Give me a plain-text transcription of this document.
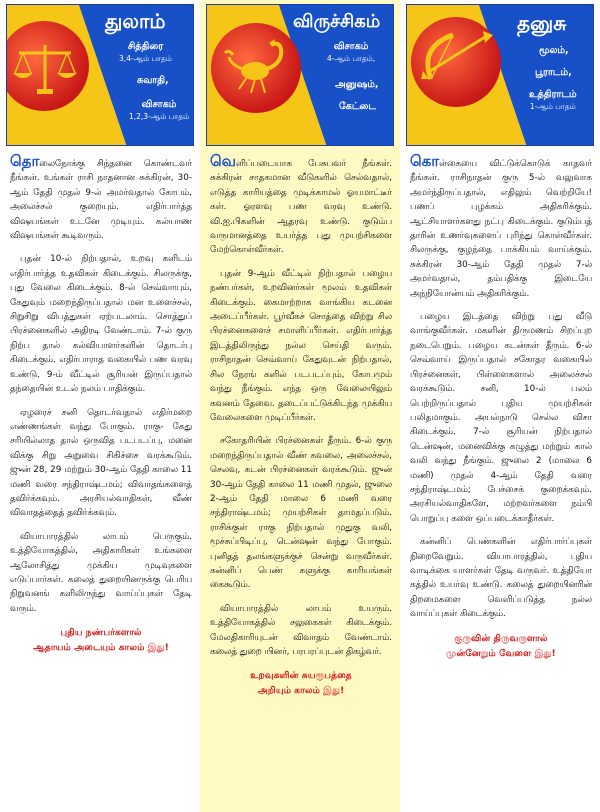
துலாம்
சித்திரை
3,4-ஆம் பாதம்
சுவாதி,
விசாகம்
1,2,3-ஆம் பாதம்

தொலைநோக்கு சிந்தனை கொண்டவர் நீங்கள். உங்கள் ராசி நாதனான சுக்கிரன், 30-ஆம் தேதி முதல் 9-ல் அமர்வதால் கோபம், அலைச்சல் குறையும். எதிர்பார்த்த விஷயங்கள் உடனே முடியும். கல்யாண விஷயங்கள் கூடிவரும்.

புதன் 10-ல் நிற்பதால், உறவு களிடம் எதிர்பார்த்த உதவிகள் கிடைக்கும். சிலருக்கு, புது வேலை கிடைக்கும். 8-ல் செவ்வாயும், கேதுவும் மறைந்திருப்பதால் மன உளைச்சல், சிறுசிறு விபத்துகள் ஏற்படலாம். சொத்துப் பிரச்னைகளில் அதிரடி வேண்டாம். 7-ல் குரு நிற்ப தால் கல்வியாளர்களின் தொடர்பு கிடைக்கும். எதிர்பாராத வகையில் பண வரவு உண்டு. 9-ம் வீட்டில் சூரியன் இருப்பதால் தந்தையின் உடல் நலம் பாதிக்கும்.

ஏழரைச் சனி தொடர்வதால் எதிர்மறை எண்ணங்கள் வந்து போகும். ராகு- கேது சரியில்லாத தால் ஒருவித படபடப்பு, மனை விக்கு சிறு அறுவை சிகிச்சை வரக்கூடும். ஜுன் 28, 29 மற்றும் 30-ஆம் தேதி காலை 11 மணி வரை சந்திராஷ்டமம்; விவாதங்களைத் தவிர்க்கவும். அரசியல்வாதிகள், வீண் விவாதத்தைத் தவிர்க்கவும்.

வியாபாரத்தில் லாபம் பெருகும். உத்தியோகத்தில், அதிகாரிகள் உங்களை ஆலோசித்து முக்கிய முடிவுகளை எடுப்பார்கள். கலைத் துறையினருக்கு பெரிய நிறுவனங் களிலிருந்து வாய்ப்புகள் தேடி வரும்.

புதிய நண்பர்களால்
ஆதாயம் அடையும் காலம் இது!
விருச்சிகம்
விசாகம்
4-ஆம் பாதம்,
அனுஷம்,
கேட்டை

வெளிப்படையாக பேசுபவர் நீங்கள். சுக்கிரன் சாதகமான வீடுகளில் செல்வதால், எடுத்த காரியத்தை முடிக்காமல் ஓயமாட்டீர் கள். ஓரளவு பண வரவு உண்டு. வி.ஐ.பிகளின் ஆதரவு உண்டு. குடும்ப வருமானத்தை உயர்த்த புது முயற்சிகளை மேற்கொள்வீர்கள்.

புதன் 9-ஆம் வீட்டில் நிற்பதால் பழைய நண்பர்கள், உறவினர்கள் மூலம் உதவிகள் கிடைக்கும். கைமாற்றாக வாங்கிய கடனை அடைப்பீர்கள். பூர்வீகச் சொத்தை விற்று சில பிரச்னைகளைச் சமாளிப்பீர்கள். எதிர்பார்த்த இடத்திலிருந்து நல்ல செய்தி வரும். ராசிநாதன் செவ்வாய் கேதுவுடன் நிற்பதால், சில நேரங் களில் படபடப்பும், கோபமும் வந்து நீங்கும். எந்த ஒரு வேலையிலும் கவனம் தேவை. தடைப்பட்டுக்கிடந்த முக்கிய வேலைகளை முடிப்பீர்கள்.

சகோதரியின் பிரச்னைகள் தீரும். 6-ல் குரு மறைந்திருப்பதால் வீண் கவலை, அலைச்சல், செலவு, கடன் பிரச்னைகள் வரக்கூடும். ஜுன் 30-ஆம் தேதி காலை 11 மணி முதல், ஜுலை 2-ஆம் தேதி மாலை 6 மணி வரை சந்திராஷ்டமம்; முயற்சிகள் தாமதப்படும். ராசிக்குள் ராகு நிற்பதால் முதுகு வலி, மூச்சுப்பிடிப்பு, டென்ஷன் வந்து போகும். புனிதத் தலங்களுக்குச் சென்று வருவீர்கள். கன்னிப் பெண் களுக்கு காரியங்கள் கைகூடும்.

வியாபாரத்தில் லாபம் உயரும். உத்தியோகத்தில் சலுகைகள் கிடைக்கும். மேலதிகாரியுடன் விவாதம் வேண்டாம். கலைத் துறை யினர், பரபரப்புடன் திகழ்வர்.

உறவுகளின் சுயரூபத்தை
அறியும் காலம் இது!
தனுசு
மூலம்,
பூராடம்,
உத்திராடம்
1-ஆம் பாதம்

கொள்கையை விட்டுக்கொடுக் காதவர் நீங்கள். ராசிநாதன் குரு 5-ல் வலுவாக அமர்ந்திருப்பதால், எதிலும் வெற்றியே! பணப் புழக்கம் அதிகரிக்கும். ஆட்சியாளர்களது நட்பு கிடைக்கும். குடும்பத் தாரின் உணர்வுகளைப் புரிந்து கொள்வீர்கள். சிலருக்கு, குழந்தை பாக்கியம் வாய்க்கும். சுக்கிரன் 30-ஆம் தேதி முதல் 7-ல் அமர்வதால், தம்பதிக்கு இடையே அந்நியோன்யம் அதிகரிக்கும்.

பழைய இடத்தை விற்று புது வீடு வாங்குவீர்கள். மகளின் திருமணம் சிறப்புற நடைபெறும். பழைய கடன்கள் தீரும். 6-ல் செவ்வாய் இருப்பதால் சகோதர வகையில் பிரச்னைகள், பிள்ளைகளால் அலைச்சல் வரக்கூடும். சனி, 10-ல் பலம் பெற்றிருப்பதால் புதிய முயற்சிகள் பலிதமாகும். அயல்நாடு செல்ல விசா கிடைக்கும். 7-ல் சூரியன் நிற்பதால் டென்ஷன், மனைவிக்கு கழுத்து மற்றும் கால் வலி வந்து நீங்கும். ஜுலை 2 (மாலை 6 மணி) முதல் 4-ஆம் தேதி வரை சந்திராஷ்டமம்; பேச்சைக் குறைக்கவும். அரசியல்வாதிகளே, மற்றவர்களை நம்பி பொறுப்பு களை ஒப்படைக்காதீர்கள்.

கன்னிப் பெண்களின் எதிர்பார்ப்புகள் நிறைவேறும். வியாபாரத்தில், புதிய வாடிக்கை யாளர்கள் தேடி வருவர். உத்தியோ கத்தில் உயர்வு உண்டு. கலைத் துறையினரின் திறமைகளை வெளிப்படுத்த நல்ல வாய்ப்புகள் கிடைக்கும்.

குருவின் திருவருளால்
முன்னேறும் வேளை இது!
